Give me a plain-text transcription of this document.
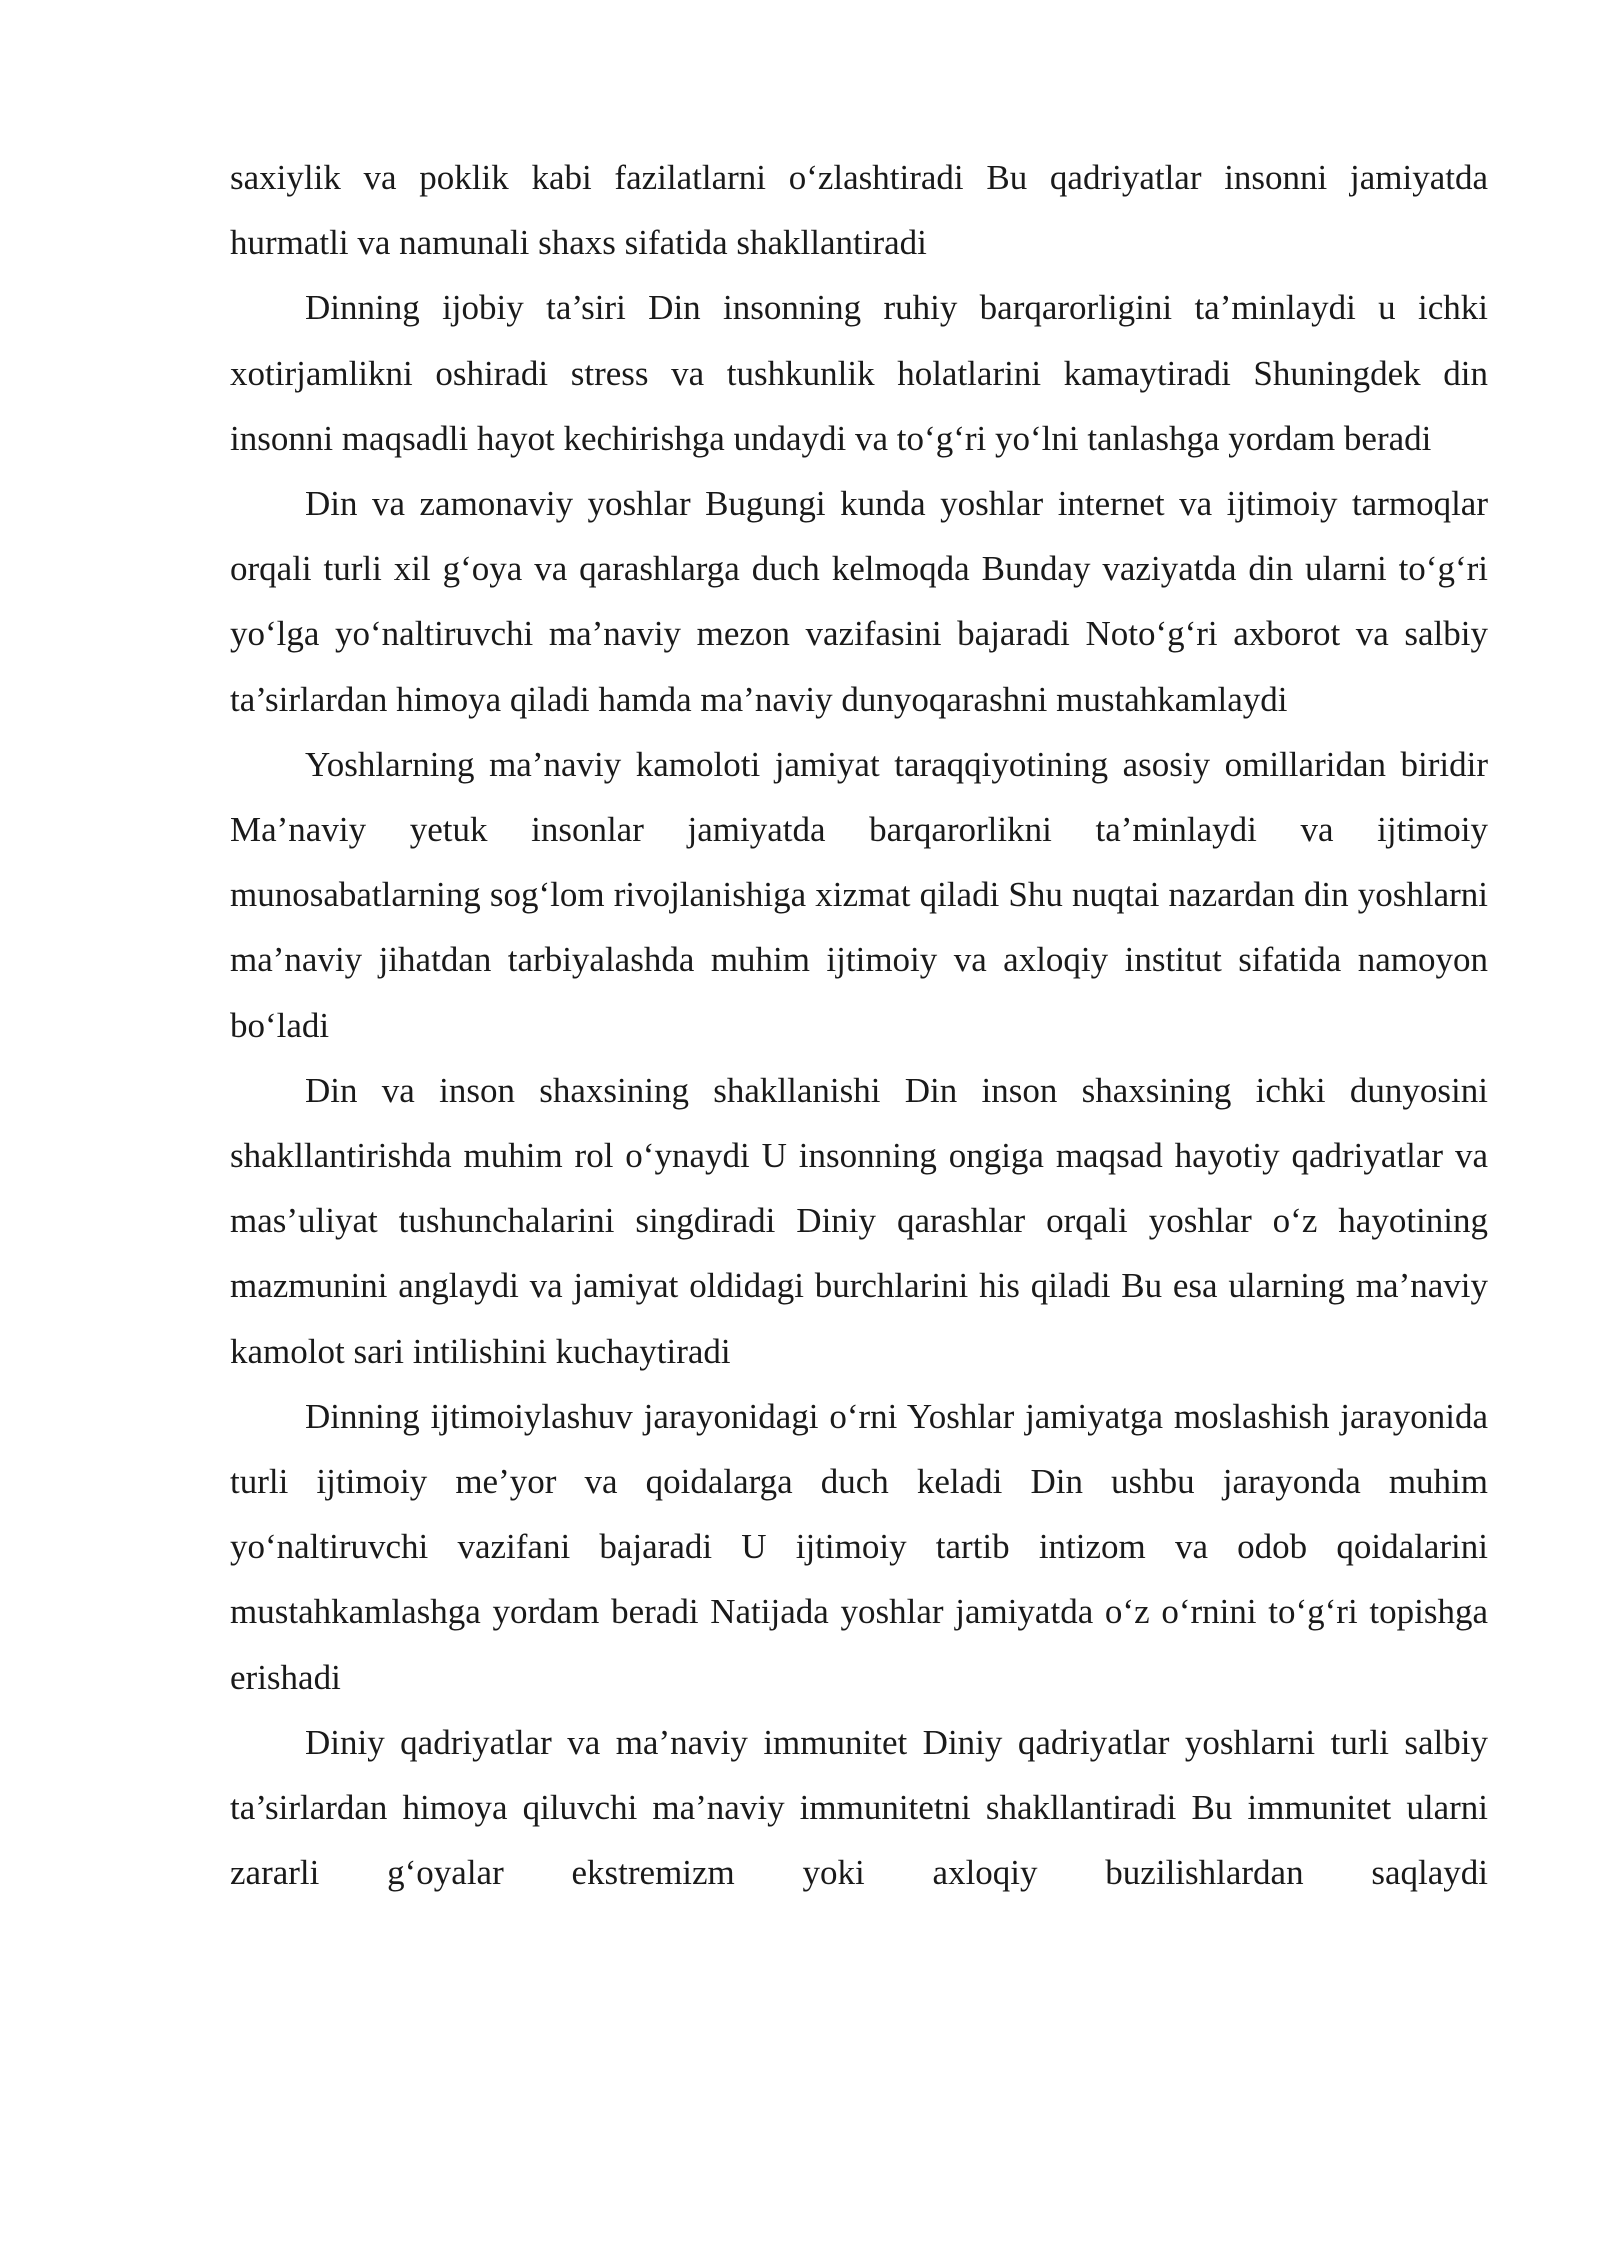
saxiylik va poklik kabi fazilatlarni o‘zlashtiradi Bu qadriyatlar insonni jamiyatda hurmatli va namunali shaxs sifatida shakllantiradi

Dinning ijobiy ta’siri Din insonning ruhiy barqarorligini ta’minlaydi u ichki xotirjamlikni oshiradi stress va tushkunlik holatlarini kamaytiradi Shuningdek din insonni maqsadli hayot kechirishga undaydi va to‘g‘ri yo‘lni tanlashga yordam beradi

Din va zamonaviy yoshlar Bugungi kunda yoshlar internet va ijtimoiy tarmoqlar orqali turli xil g‘oya va qarashlarga duch kelmoqda Bunday vaziyatda din ularni to‘g‘ri yo‘lga yo‘naltiruvchi ma’naviy mezon vazifasini bajaradi Noto‘g‘ri axborot va salbiy ta’sirlardan himoya qiladi hamda ma’naviy dunyoqarashni mustahkamlaydi

Yoshlarning ma’naviy kamoloti jamiyat taraqqiyotining asosiy omillaridan biridir Ma’naviy yetuk insonlar jamiyatda barqarorlikni ta’minlaydi va ijtimoiy munosabatlarning sog‘lom rivojlanishiga xizmat qiladi Shu nuqtai nazardan din yoshlarni ma’naviy jihatdan tarbiyalashda muhim ijtimoiy va axloqiy institut sifatida namoyon bo‘ladi

Din va inson shaxsining shakllanishi Din inson shaxsining ichki dunyosini shakllantirishda muhim rol o‘ynaydi U insonning ongiga maqsad hayotiy qadriyatlar va mas’uliyat tushunchalarini singdiradi Diniy qarashlar orqali yoshlar o‘z hayotining mazmunini anglaydi va jamiyat oldidagi burchlarini his qiladi Bu esa ularning ma’naviy kamolot sari intilishini kuchaytiradi

Dinning ijtimoiylashuv jarayonidagi o‘rni Yoshlar jamiyatga moslashish jarayonida turli ijtimoiy me’yor va qoidalarga duch keladi Din ushbu jarayonda muhim yo‘naltiruvchi vazifani bajaradi U ijtimoiy tartib intizom va odob qoidalarini mustahkamlashga yordam beradi Natijada yoshlar jamiyatda o‘z o‘rnini to‘g‘ri topishga erishadi

Diniy qadriyatlar va ma’naviy immunitet Diniy qadriyatlar yoshlarni turli salbiy ta’sirlardan himoya qiluvchi ma’naviy immunitetni shakllantiradi Bu immunitet ularni zararli g‘oyalar ekstremizm yoki axloqiy buzilishlardan saqlaydi
